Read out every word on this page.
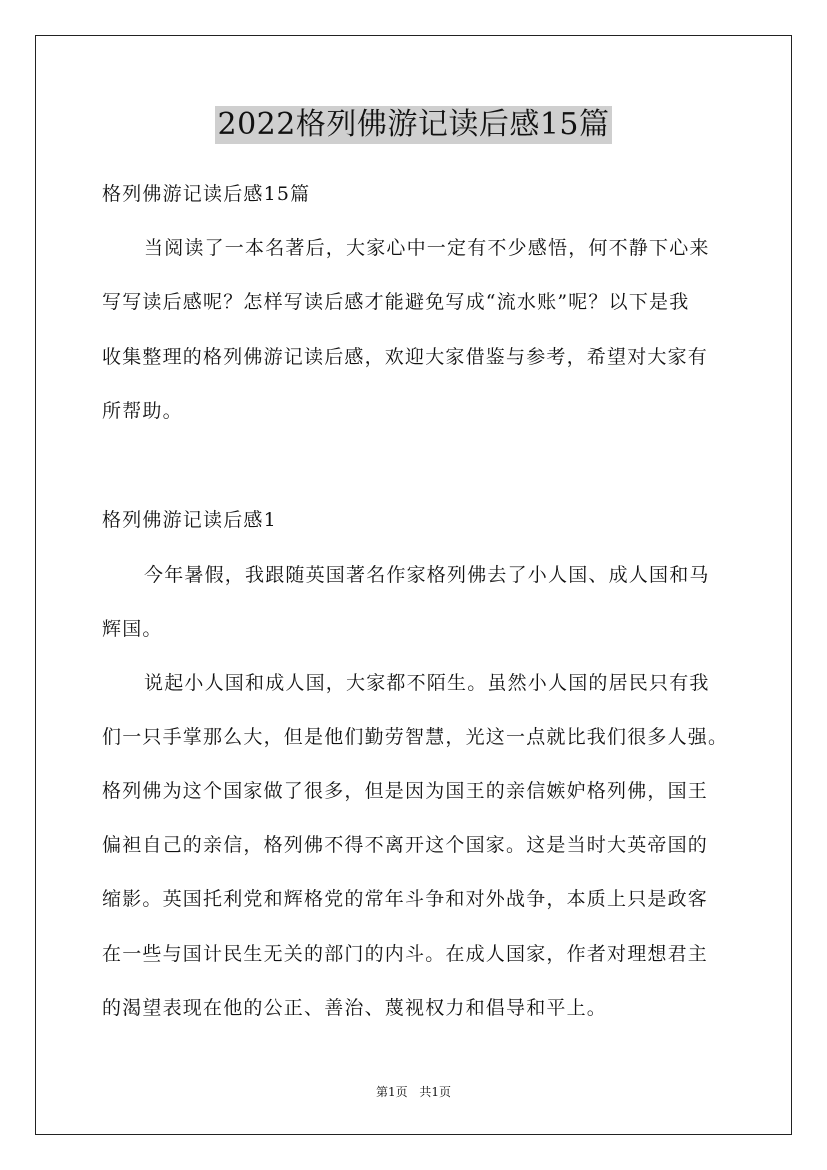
2022格列佛游记读后感15篇
格列佛游记读后感15篇
当阅读了一本名著后，大家心中一定有不少感悟，何不静下心来
写写读后感呢？怎样写读后感才能避免写成“流水账”呢？以下是我
收集整理的格列佛游记读后感，欢迎大家借鉴与参考，希望对大家有
所帮助。
格列佛游记读后感1
今年暑假，我跟随英国著名作家格列佛去了小人国、成人国和马
辉国。
说起小人国和成人国，大家都不陌生。虽然小人国的居民只有我
们一只手掌那么大，但是他们勤劳智慧，光这一点就比我们很多人强。
格列佛为这个国家做了很多，但是因为国王的亲信嫉妒格列佛，国王
偏袒自己的亲信，格列佛不得不离开这个国家。这是当时大英帝国的
缩影。英国托利党和辉格党的常年斗争和对外战争，本质上只是政客
在一些与国计民生无关的部门的内斗。在成人国家，作者对理想君主
的渴望表现在他的公正、善治、蔑视权力和倡导和平上。
第1页 共1页
